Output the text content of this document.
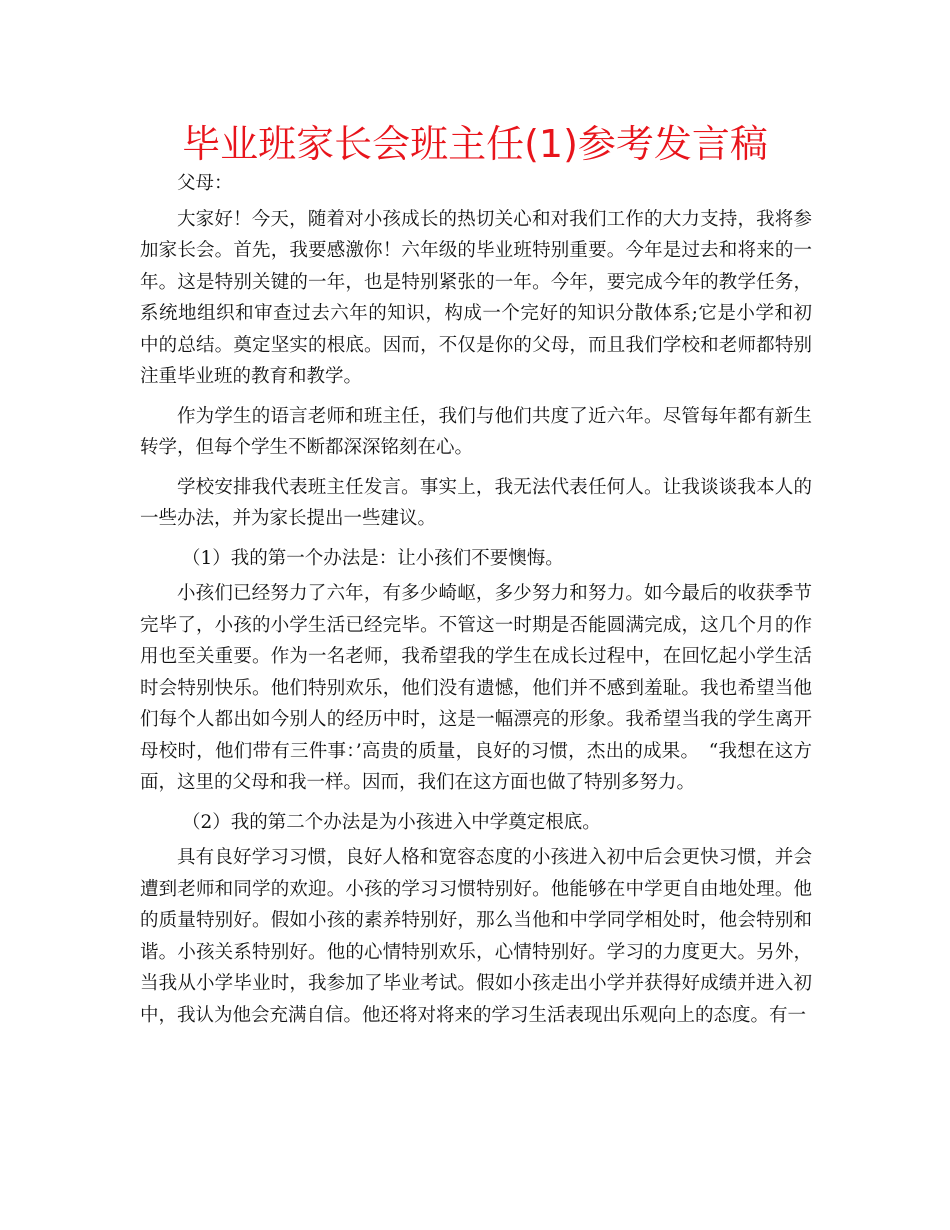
毕业班家长会班主任(1)参考发言稿

父母：

大家好！今天，随着对小孩成长的热切关心和对我们工作的大力支持，我将参加家长会。首先，我要感激你！六年级的毕业班特别重要。今年是过去和将来的一年。这是特别关键的一年，也是特别紧张的一年。今年，要完成今年的教学任务，系统地组织和审查过去六年的知识，构成一个完好的知识分散体系;它是小学和初中的总结。奠定坚实的根底。因而，不仅是你的父母，而且我们学校和老师都特别注重毕业班的教育和教学。

作为学生的语言老师和班主任，我们与他们共度了近六年。尽管每年都有新生转学，但每个学生不断都深深铭刻在心。

学校安排我代表班主任发言。事实上，我无法代表任何人。让我谈谈我本人的一些办法，并为家长提出一些建议。

（1）我的第一个办法是：让小孩们不要懊悔。

小孩们已经努力了六年，有多少崎岖，多少努力和努力。如今最后的收获季节完毕了，小孩的小学生活已经完毕。不管这一时期是否能圆满完成，这几个月的作用也至关重要。作为一名老师，我希望我的学生在成长过程中，在回忆起小学生活时会特别快乐。他们特别欢乐，他们没有遗憾，他们并不感到羞耻。我也希望当他们每个人都出如今别人的经历中时，这是一幅漂亮的形象。我希望当我的学生离开母校时，他们带有三件事：’高贵的质量，良好的习惯，杰出的成果。　“我想在这方面，这里的父母和我一样。因而，我们在这方面也做了特别多努力。

（2）我的第二个办法是为小孩进入中学奠定根底。

具有良好学习习惯，良好人格和宽容态度的小孩进入初中后会更快习惯，并会遭到老师和同学的欢迎。小孩的学习习惯特别好。他能够在中学更自由地处理。他的质量特别好。假如小孩的素养特别好，那么当他和中学同学相处时，他会特别和谐。小孩关系特别好。他的心情特别欢乐，心情特别好。学习的力度更大。另外，当我从小学毕业时，我参加了毕业考试。假如小孩走出小学并获得好成绩并进入初中，我认为他会充满自信。他还将对将来的学习生活表现出乐观向上的态度。有一
